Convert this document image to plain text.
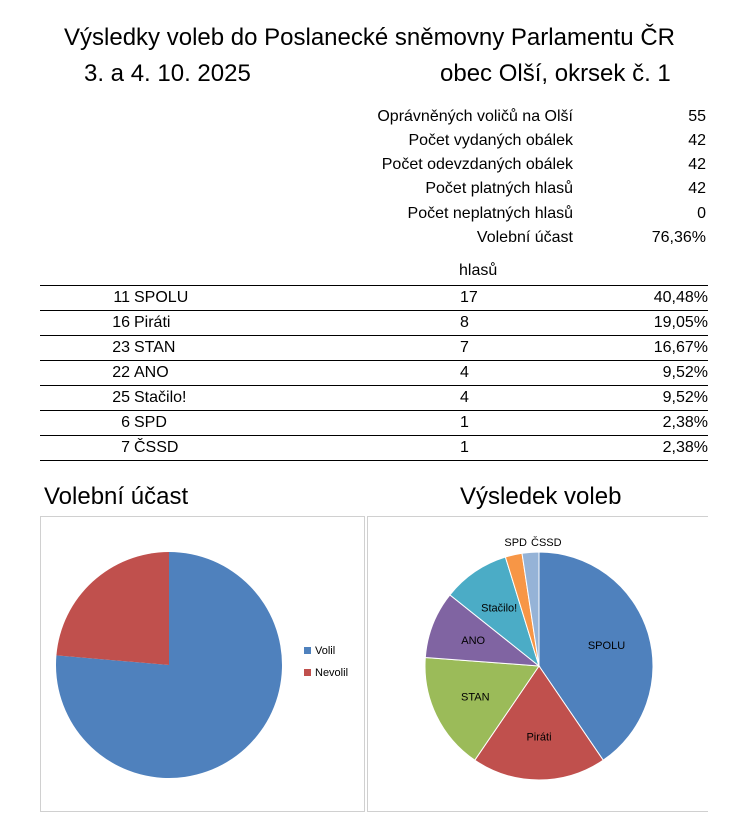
Výsledky voleb do Poslanecké sněmovny Parlamentu ČR
3. a 4. 10. 2025	obec Olší, okrsek č. 1
Oprávněných voličů na Olší	55
Počet vydaných obálek	42
Počet odevzdaných obálek	42
Počet platných hlasů	42
Počet neplatných hlasů	0
Volební účast	76,36%
hlasů
11	SPOLU	17	40,48%
16	Piráti	8	19,05%
23	STAN	7	16,67%
22	ANO	4	9,52%
25	Stačilo!	4	9,52%
6	SPD	1	2,38%
7	ČSSD	1	2,38%
Volební účast	Výsledek voleb
Volil
Nevolil
SPOLU
Piráti
STAN
ANO
Stačilo!
SPD ČSSD
